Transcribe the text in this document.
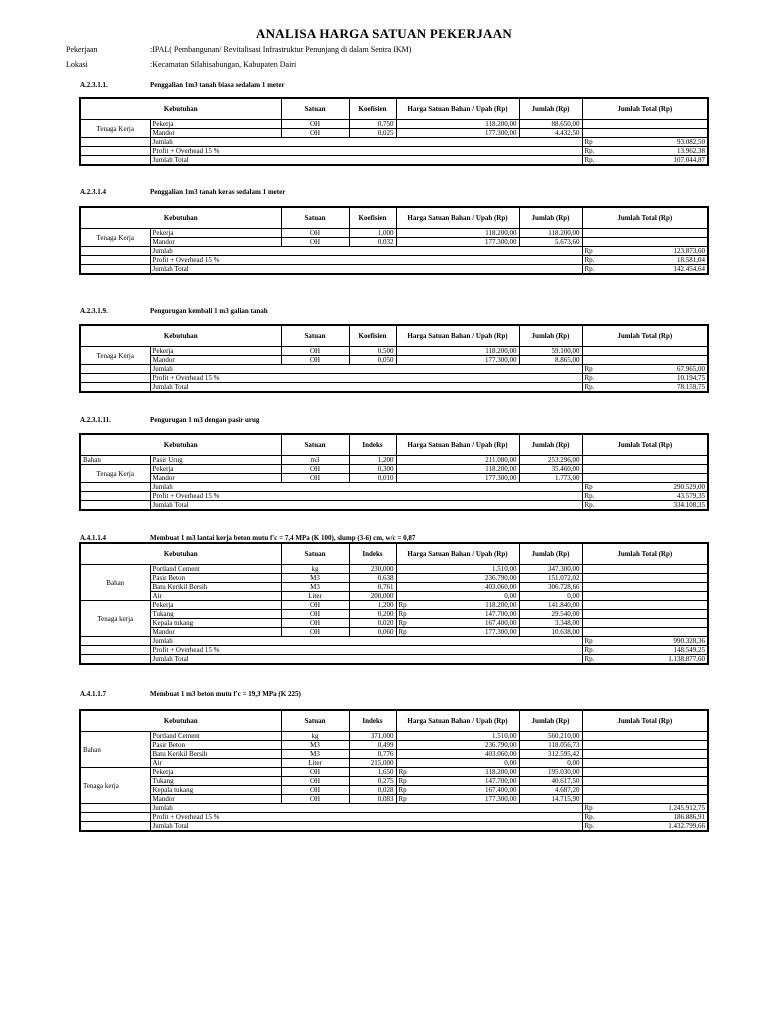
ANALISA HARGA SATUAN PEKERJAAN
Pekerjaan	:IPAL( Pembangunan/ Revitalisasi Infrastruktur Penunjang di dalam Sentra IKM)
Lokasi	:Kecamatan Silahisabungan, Kabupaten Dairi
A.2.3.1.1.	Penggalian 1m3 tanah biasa sedalam 1 meter
Kebutuhan		Satuan	Koefisien	Harga Satuan Bahan / Upah (Rp)	Jumlah (Rp)	Jumlah Total (Rp)
Tenaga Kerja	Pekerja	OH	0,750	118.200,00	88.650,00	
	Mandor	OH	0,025	177.300,00	4.432,50	
	Jumlah					Rp 93.082,50
	Profit + Overhead 15 %					Rp. 13.962,38
	Jumlah Total					Rp. 107.044,87
A.2.3.1.4	Penggalian 1m3 tanah keras sedalam 1 meter
Kebutuhan		Satuan	Koefisien	Harga Satuan Bahan / Upah (Rp)	Jumlah (Rp)	Jumlah Total (Rp)
Tenaga Kerja	Pekerja	OH	1,000	118.200,00	118.200,00	
	Mandor	OH	0,032	177.300,00	5.673,60	
	Jumlah					Rp 123.873,60
	Profit + Overhead 15 %					Rp. 18.581,04
	Jumlah Total					Rp. 142.454,64
A.2.3.1.9.	Pengurugan kembali 1 m3 galian tanah
Kebutuhan		Satuan	Koefisien	Harga Satuan Bahan / Upah (Rp)	Jumlah (Rp)	Jumlah Total (Rp)
Tenaga Kerja	Pekerja	OH	0,500	118.200,00	59.100,00	
	Mandor	OH	0,050	177.300,00	8.865,00	
	Jumlah					Rp 67.965,00
	Profit + Overhead 15 %					Rp. 10.194,75
	Jumlah Total					Rp. 78.159,75
A.2.3.1.11.	Pengurugan 1 m3 dengan pasir urug
Kebutuhan		Satuan	Indeks	Harga Satuan Bahan / Upah (Rp)	Jumlah (Rp)	Jumlah Total (Rp)
Bahan	Pasir Urug	m3	1,200	211.080,00	253.296,00	
Tenaga Kerja	Pekerja	OH	0,300	118.200,00	35.460,00	
	Mandor	OH	0,010	177.300,00	1.773,00	
	Jumlah					Rp 290.529,00
	Profit + Overhead 15 %					Rp. 43.579,35
	Jumlah Total					Rp. 334.108,35
A.4.1.1.4	Membuat 1 m3 lantai kerja beton mutu f'c = 7,4 MPa (K 100), slump (3-6) cm, w/c = 0,87
Kebutuhan		Satuan	Indeks	Harga Satuan Bahan / Upah (Rp)	Jumlah (Rp)	Jumlah Total (Rp)
Bahan	Portland Cement	kg	230,000	1.510,00	347.300,00	
	Pasir Beton	M3	0,638	236.790,00	151.072,02	
	Batu Kerikil Bersih	M3	0,761	403.060,00	306.728,66	
	Air	Liter	200,000	0,00	0,00	
Tenaga kerja	Pekerja	OH	1,200	Rp 118.200,00	141.840,00	
	Tukang	OH	0,200	Rp 147.700,00	29.540,00	
	Kepala tukang	OH	0,020	Rp 167.400,00	3.348,00	
	Mandor	OH	0,060	Rp 177.300,00	10.638,00	
	Jumlah					Rp 990.328,36
	Profit + Overhead 15 %					Rp. 148.549,25
	Jumlah Total					Rp. 1.138.877,60
A.4.1.1.7	Membuat 1 m3 beton mutu f'c = 19,3 MPa (K 225)
Kebutuhan		Satuan	Indeks	Harga Satuan Bahan / Upah (Rp)	Jumlah (Rp)	Jumlah Total (Rp)
Bahan	Portland Cement	kg	371,000	1.510,00	560.210,00	
	Pasir Beton	M3	0,499	236.790,00	118.056,73	
	Batu Kerikil Bersih	M3	0,776	403.060,00	312.595,42	
	Air	Liter	215,000	0,00	0,00	
Tenaga kerja	Pekerja	OH	1,650	Rp 118.200,00	195.030,00	
	Tukang	OH	0,275	Rp 147.700,00	40.617,50	
	Kepala tukang	OH	0,028	Rp 167.400,00	4.687,20	
	Mandor	OH	0,083	Rp 177.300,00	14.715,90	
	Jumlah					Rp 1.245.912,75
	Profit + Overhead 15 %					Rp. 186.886,91
	Jumlah Total					Rp. 1.432.799,66
